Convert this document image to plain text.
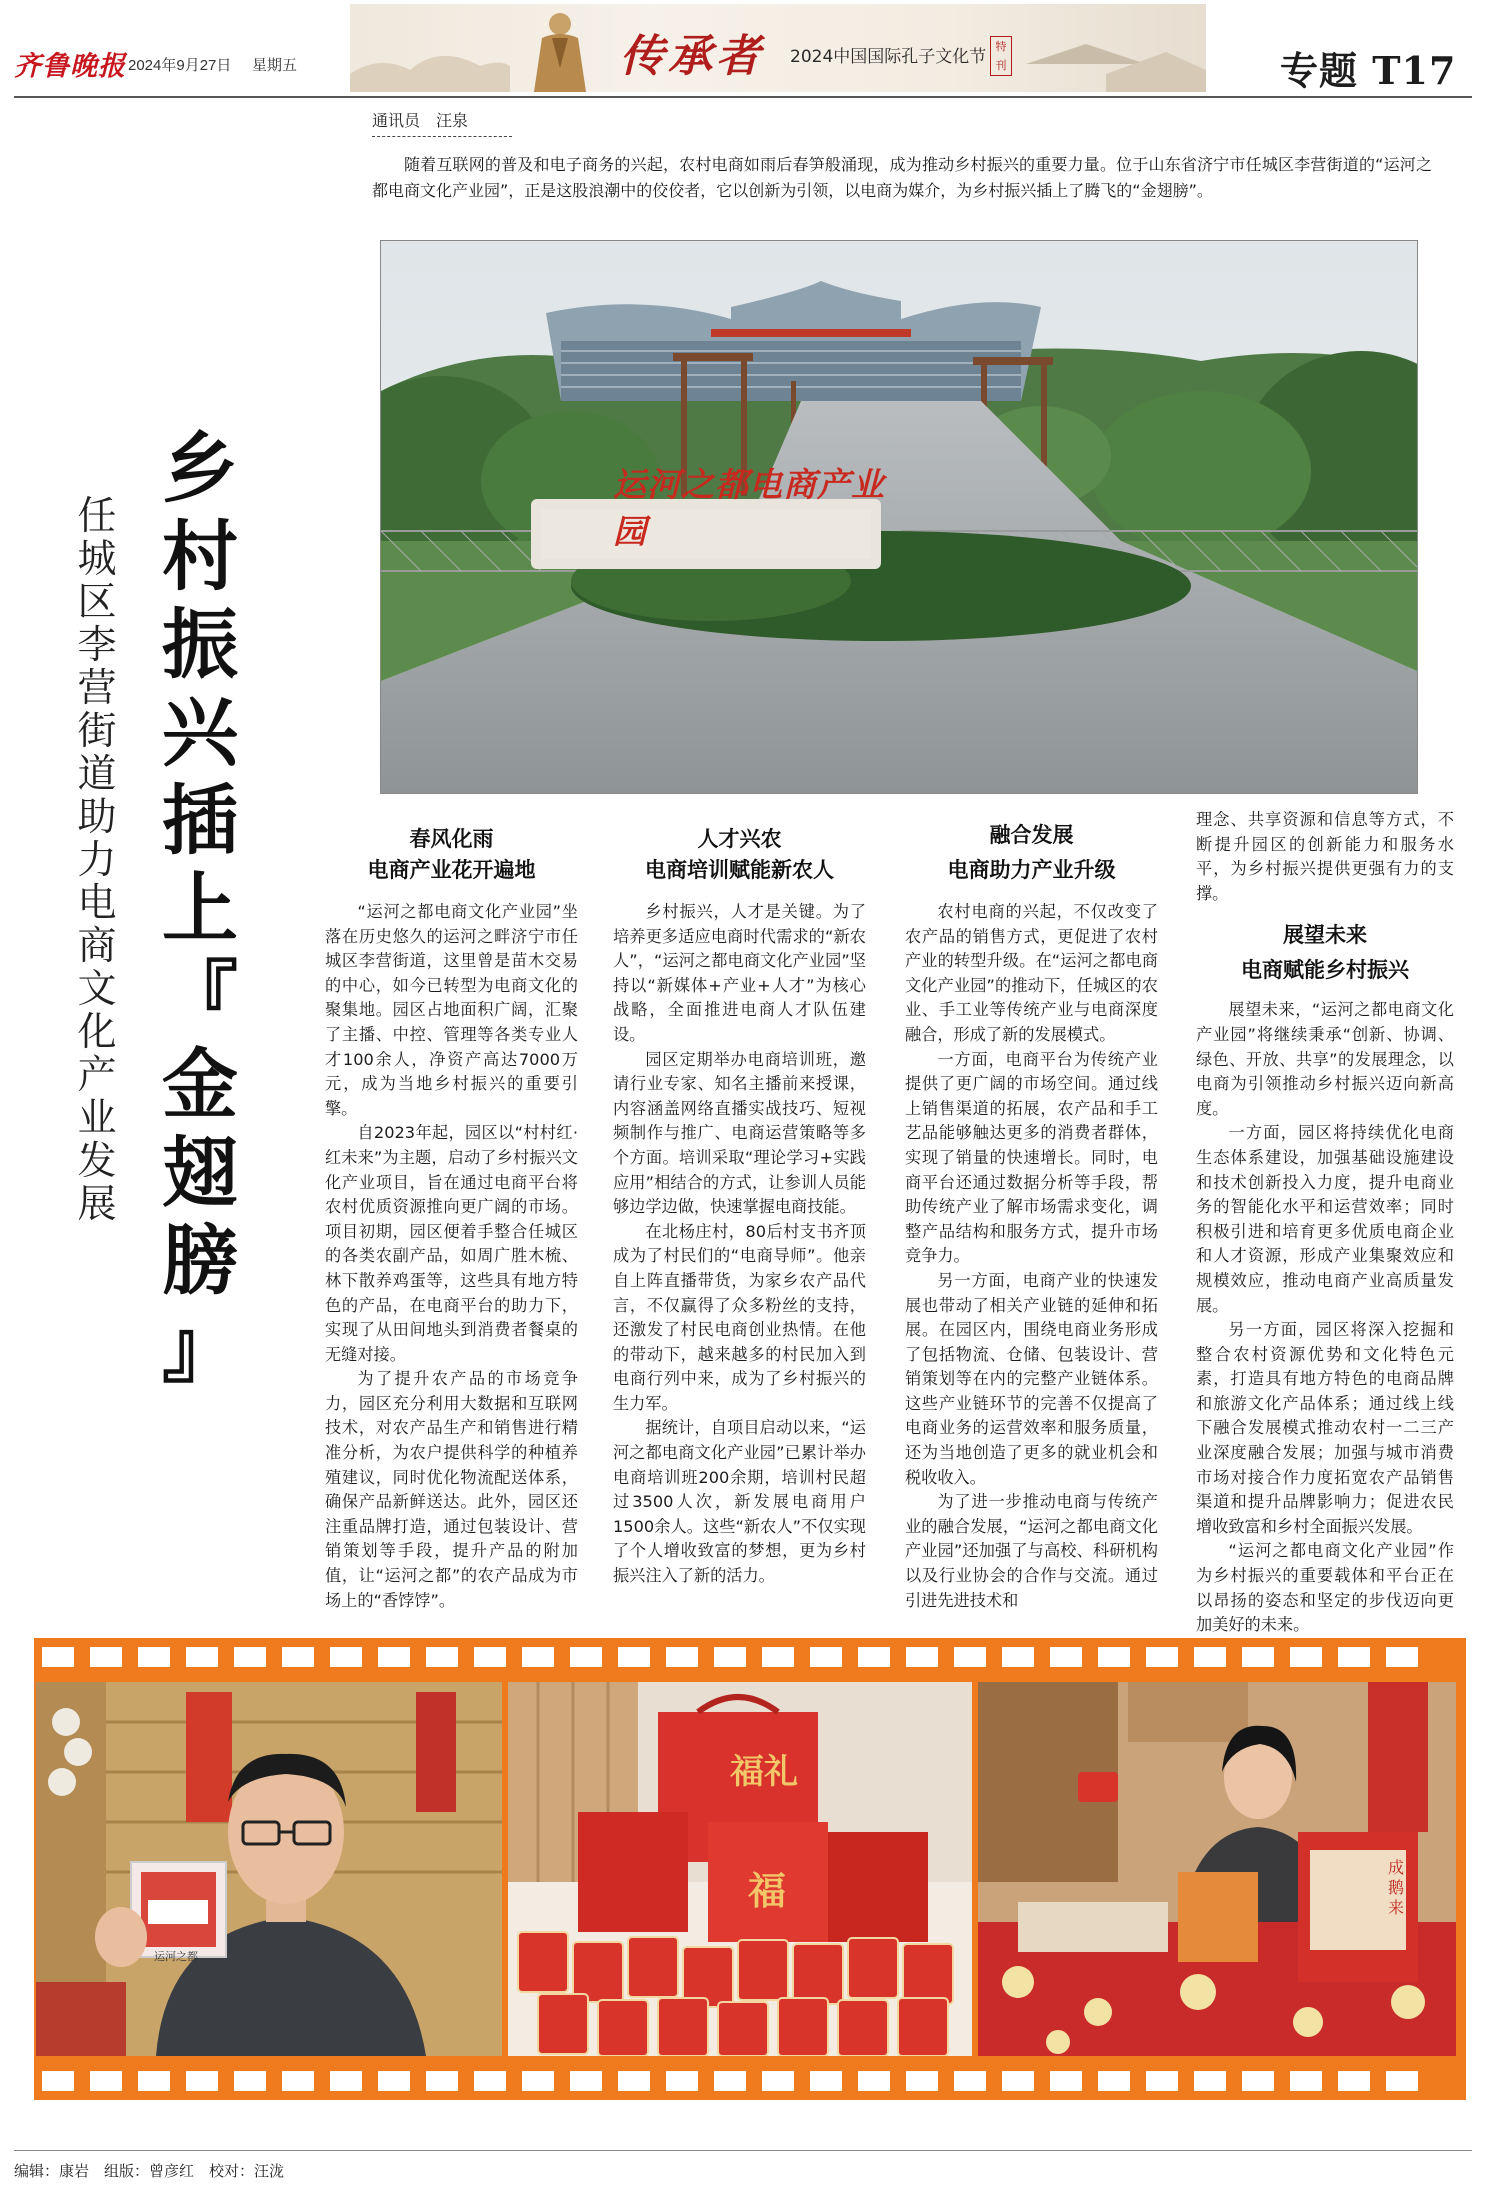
齐鲁晚报 2024年9月27日 星期五	传承者 2024中国国际孔子文化节
特刊	专题 T17
通讯员　汪泉
随着互联网的普及和电子商务的兴起，农村电商如雨后春笋般涌现，成为推动乡村振兴的重要力量。位于山东省济宁市任城区李营街道的“运河之都电商文化产业园”，正是这股浪潮中的佼佼者，它以创新为引领，以电商为媒介，为乡村振兴插上了腾飞的“金翅膀”。
运河之都电商产业园
乡
村
振
兴
插
上
『
金
翅
膀
』
任
城
区
李
营
街
道
助
力
电
商
文
化
产
业
发
展
春风化雨
电商产业花开遍地

“运河之都电商文化产业园”坐落在历史悠久的运河之畔济宁市任城区李营街道，这里曾是苗木交易的中心，如今已转型为电商文化的聚集地。园区占地面积广阔，汇聚了主播、中控、管理等各类专业人才100余人，净资产高达7000万元，成为当地乡村振兴的重要引擎。

自2023年起，园区以“村村红·红未来”为主题，启动了乡村振兴文化产业项目，旨在通过电商平台将农村优质资源推向更广阔的市场。项目初期，园区便着手整合任城区的各类农副产品，如周广胜木梳、林下散养鸡蛋等，这些具有地方特色的产品，在电商平台的助力下，实现了从田间地头到消费者餐桌的无缝对接。

为了提升农产品的市场竞争力，园区充分利用大数据和互联网技术，对农产品生产和销售进行精准分析，为农户提供科学的种植养殖建议，同时优化物流配送体系，确保产品新鲜送达。此外，园区还注重品牌打造，通过包装设计、营销策划等手段，提升产品的附加值，让“运河之都”的农产品成为市场上的“香饽饽”。

人才兴农
电商培训赋能新农人

乡村振兴，人才是关键。为了培养更多适应电商时代需求的“新农人”，“运河之都电商文化产业园”坚持以“新媒体+产业+人才”为核心战略，全面推进电商人才队伍建设。

园区定期举办电商培训班，邀请行业专家、知名主播前来授课，内容涵盖网络直播实战技巧、短视频制作与推广、电商运营策略等多个方面。培训采取“理论学习+实践应用”相结合的方式，让参训人员能够边学边做，快速掌握电商技能。

在北杨庄村，80后村支书齐顶成为了村民们的“电商导师”。他亲自上阵直播带货，为家乡农产品代言，不仅赢得了众多粉丝的支持，还激发了村民电商创业热情。在他的带动下，越来越多的村民加入到电商行列中来，成为了乡村振兴的生力军。

据统计，自项目启动以来，“运河之都电商文化产业园”已累计举办电商培训班200余期，培训村民超过3500人次，新发展电商用户1500余人。这些“新农人”不仅实现了个人增收致富的梦想，更为乡村振兴注入了新的活力。

融合发展
电商助力产业升级

农村电商的兴起，不仅改变了农产品的销售方式，更促进了农村产业的转型升级。在“运河之都电商文化产业园”的推动下，任城区的农业、手工业等传统产业与电商深度融合，形成了新的发展模式。

一方面，电商平台为传统产业提供了更广阔的市场空间。通过线上销售渠道的拓展，农产品和手工艺品能够触达更多的消费者群体，实现了销量的快速增长。同时，电商平台还通过数据分析等手段，帮助传统产业了解市场需求变化，调整产品结构和服务方式，提升市场竞争力。

另一方面，电商产业的快速发展也带动了相关产业链的延伸和拓展。在园区内，围绕电商业务形成了包括物流、仓储、包装设计、营销策划等在内的完整产业链体系。这些产业链环节的完善不仅提高了电商业务的运营效率和服务质量，还为当地创造了更多的就业机会和税收收入。

为了进一步推动电商与传统产业的融合发展，“运河之都电商文化产业园”还加强了与高校、科研机构以及行业协会的合作与交流。通过引进先进技术和

理念、共享资源和信息等方式，不断提升园区的创新能力和服务水平，为乡村振兴提供更强有力的支撑。

展望未来
电商赋能乡村振兴

展望未来，“运河之都电商文化产业园”将继续秉承“创新、协调、绿色、开放、共享”的发展理念，以电商为引领推动乡村振兴迈向新高度。

一方面，园区将持续优化电商生态体系建设，加强基础设施建设和技术创新投入力度，提升电商业务的智能化水平和运营效率；同时积极引进和培育更多优质电商企业和人才资源，形成产业集聚效应和规模效应，推动电商产业高质量发展。

另一方面，园区将深入挖掘和整合农村资源优势和文化特色元素，打造具有地方特色的电商品牌和旅游文化产品体系；通过线上线下融合发展模式推动农村一二三产业深度融合发展；加强与城市消费市场对接合作力度拓宽农产品销售渠道和提升品牌影响力；促进农民增收致富和乡村全面振兴发展。

“运河之都电商文化产业园”作为乡村振兴的重要载体和平台正在以昂扬的姿态和坚定的步伐迈向更加美好的未来。

运河之都
福礼
福
成鹅来
编辑：康岩　组版：曾彦红　校对：汪泷
